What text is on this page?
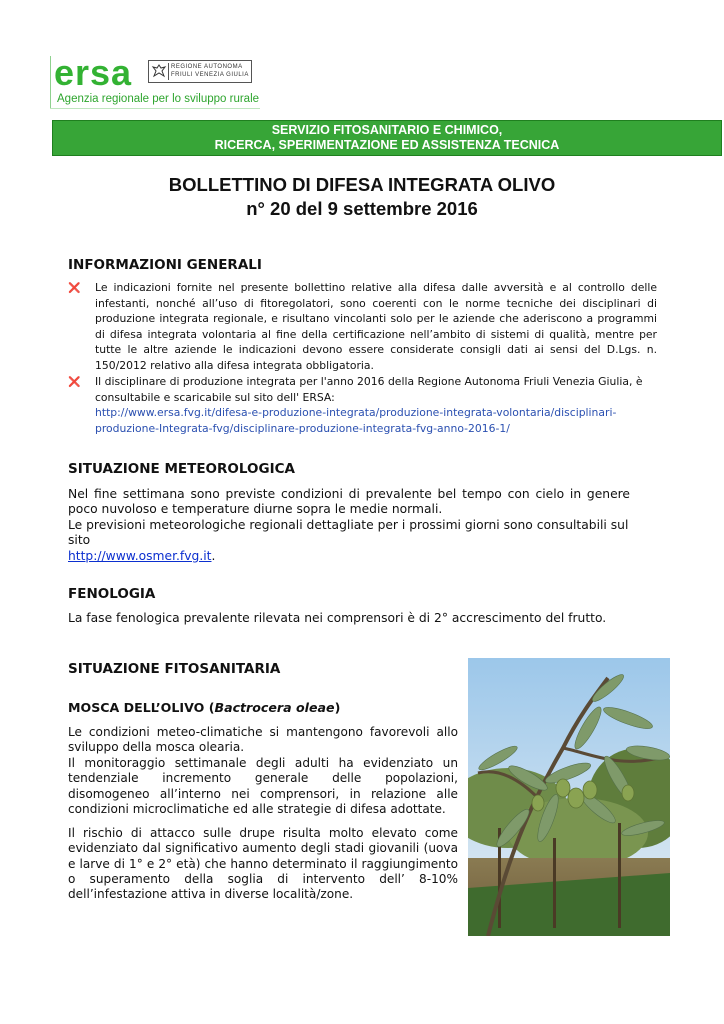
ersa	REGIONE AUTONOMA
FRIULI VENEZIA GIULIA
Agenzia regionale per lo sviluppo rurale
SERVIZIO FITOSANITARIO E CHIMICO,
RICERCA, SPERIMENTAZIONE ED ASSISTENZA TECNICA
BOLLETTINO DI DIFESA INTEGRATA OLIVO
n° 20 del 9 settembre 2016
INFORMAZIONI GENERALI
❌ Le indicazioni fornite nel presente bollettino relative alla difesa dalle avversità e al controllo delle infestanti, nonché all’uso di fitoregolatori, sono coerenti con le norme tecniche dei disciplinari di produzione integrata regionale, e risultano vincolanti solo per le aziende che aderiscono a programmi di difesa integrata volontaria al fine della certificazione nell’ambito di sistemi di qualità, mentre per tutte le altre aziende le indicazioni devono essere considerate consigli dati ai sensi del D.Lgs. n. 150/2012 relativo alla difesa integrata obbligatoria.
❌ Il disciplinare di produzione integrata per l'anno 2016 della Regione Autonoma Friuli Venezia Giulia, è consultabile e scaricabile sul sito dell' ERSA:
http://www.ersa.fvg.it/difesa-e-produzione-integrata/produzione-integrata-volontaria/disciplinari-
produzione-Integrata-fvg/disciplinare-produzione-integrata-fvg-anno-2016-1/
SITUAZIONE METEOROLOGICA
Nel fine settimana sono previste condizioni di prevalente bel tempo con cielo in genere poco nuvoloso e temperature diurne sopra le medie normali.
Le previsioni meteorologiche regionali dettagliate per i prossimi giorni sono consultabili sul sito
http://www.osmer.fvg.it.
FENOLOGIA
La fase fenologica prevalente rilevata nei comprensori è di 2° accrescimento del frutto.
SITUAZIONE FITOSANITARIA
MOSCA DELL’OLIVO (Bactrocera oleae)
Le condizioni meteo-climatiche si mantengono favorevoli allo sviluppo della mosca olearia.
Il monitoraggio settimanale degli adulti ha evidenziato un tendenziale incremento generale delle popolazioni, disomogeneo all’interno nei comprensori, in relazione alle condizioni microclimatiche ed alle strategie di difesa adottate.
Il rischio di attacco sulle drupe risulta molto elevato come evidenziato dal significativo aumento degli stadi giovanili (uova e larve di 1° e 2° età) che hanno determinato il raggiungimento o superamento della soglia di intervento dell’ 8-10% dell’infestazione attiva in diverse località/zone.
